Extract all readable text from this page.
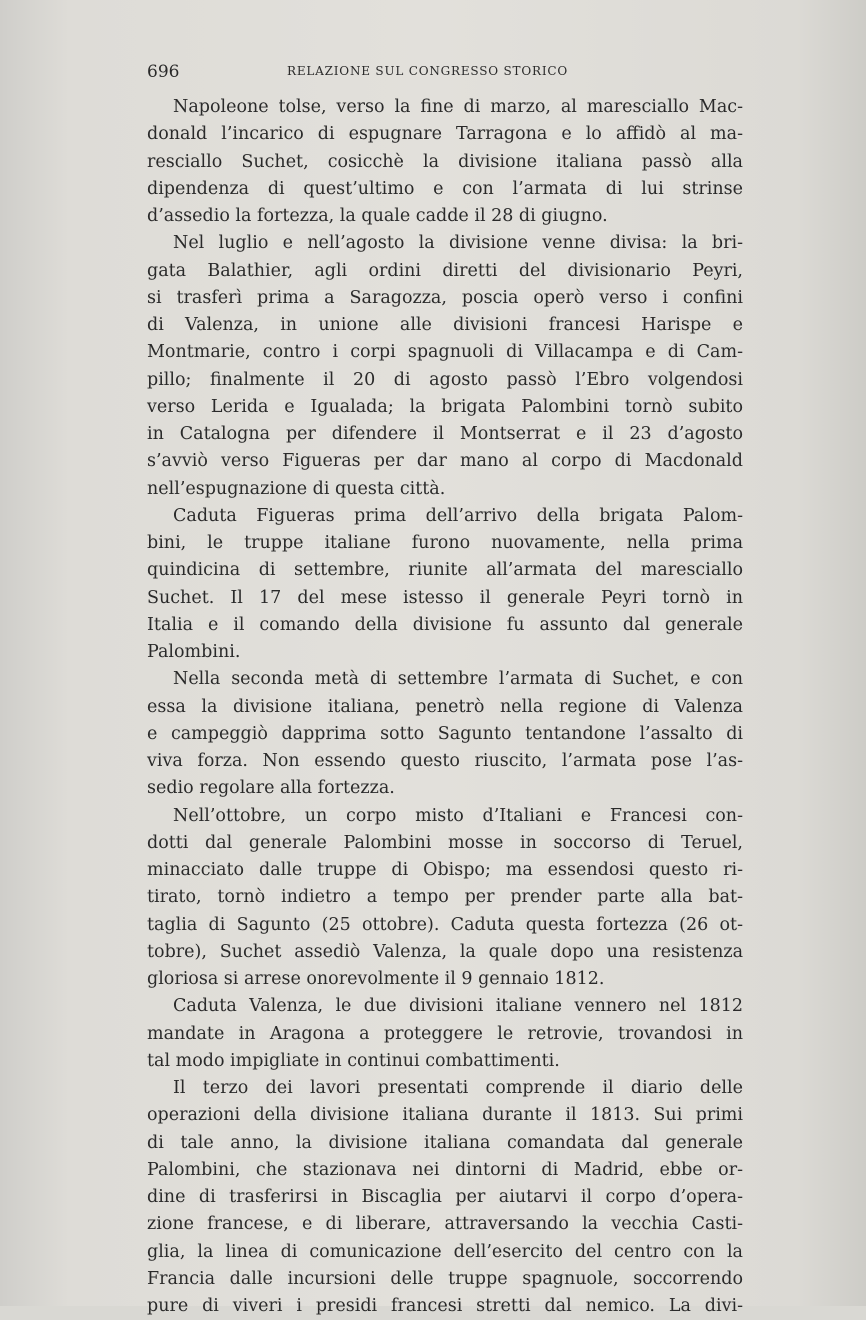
696	RELAZIONE SUL CONGRESSO STORICO
Napoleone tolse, verso la fine di marzo, al maresciallo Mac-
donald l’incarico di espugnare Tarragona e lo affidò al ma-
resciallo Suchet, cosicchè la divisione italiana passò alla
dipendenza di quest’ultimo e con l’armata di lui strinse
d’assedio la fortezza, la quale cadde il 28 di giugno.
Nel luglio e nell’agosto la divisione venne divisa: la bri-
gata Balathier, agli ordini diretti del divisionario Peyri,
si trasferì prima a Saragozza, poscia operò verso i confini
di Valenza, in unione alle divisioni francesi Harispe e
Montmarie, contro i corpi spagnuoli di Villacampa e di Cam-
pillo; finalmente il 20 di agosto passò l’Ebro volgendosi
verso Lerida e Igualada; la brigata Palombini tornò subito
in Catalogna per difendere il Montserrat e il 23 d’agosto
s’avviò verso Figueras per dar mano al corpo di Macdonald
nell’espugnazione di questa città.
Caduta Figueras prima dell’arrivo della brigata Palom-
bini, le truppe italiane furono nuovamente, nella prima
quindicina di settembre, riunite all’armata del maresciallo
Suchet. Il 17 del mese istesso il generale Peyri tornò in
Italia e il comando della divisione fu assunto dal generale
Palombini.
Nella seconda metà di settembre l’armata di Suchet, e con
essa la divisione italiana, penetrò nella regione di Valenza
e campeggiò dapprima sotto Sagunto tentandone l’assalto di
viva forza. Non essendo questo riuscito, l’armata pose l’as-
sedio regolare alla fortezza.
Nell’ottobre, un corpo misto d’Italiani e Francesi con-
dotti dal generale Palombini mosse in soccorso di Teruel,
minacciato dalle truppe di Obispo; ma essendosi questo ri-
tirato, tornò indietro a tempo per prender parte alla bat-
taglia di Sagunto (25 ottobre). Caduta questa fortezza (26 ot-
tobre), Suchet assediò Valenza, la quale dopo una resistenza
gloriosa si arrese onorevolmente il 9 gennaio 1812.
Caduta Valenza, le due divisioni italiane vennero nel 1812
mandate in Aragona a proteggere le retrovie, trovandosi in
tal modo impigliate in continui combattimenti.
Il terzo dei lavori presentati comprende il diario delle
operazioni della divisione italiana durante il 1813. Sui primi
di tale anno, la divisione italiana comandata dal generale
Palombini, che stazionava nei dintorni di Madrid, ebbe or-
dine di trasferirsi in Biscaglia per aiutarvi il corpo d’opera-
zione francese, e di liberare, attraversando la vecchia Casti-
glia, la linea di comunicazione dell’esercito del centro con la
Francia dalle incursioni delle truppe spagnuole, soccorrendo
pure di viveri i presidi francesi stretti dal nemico. La divi-
